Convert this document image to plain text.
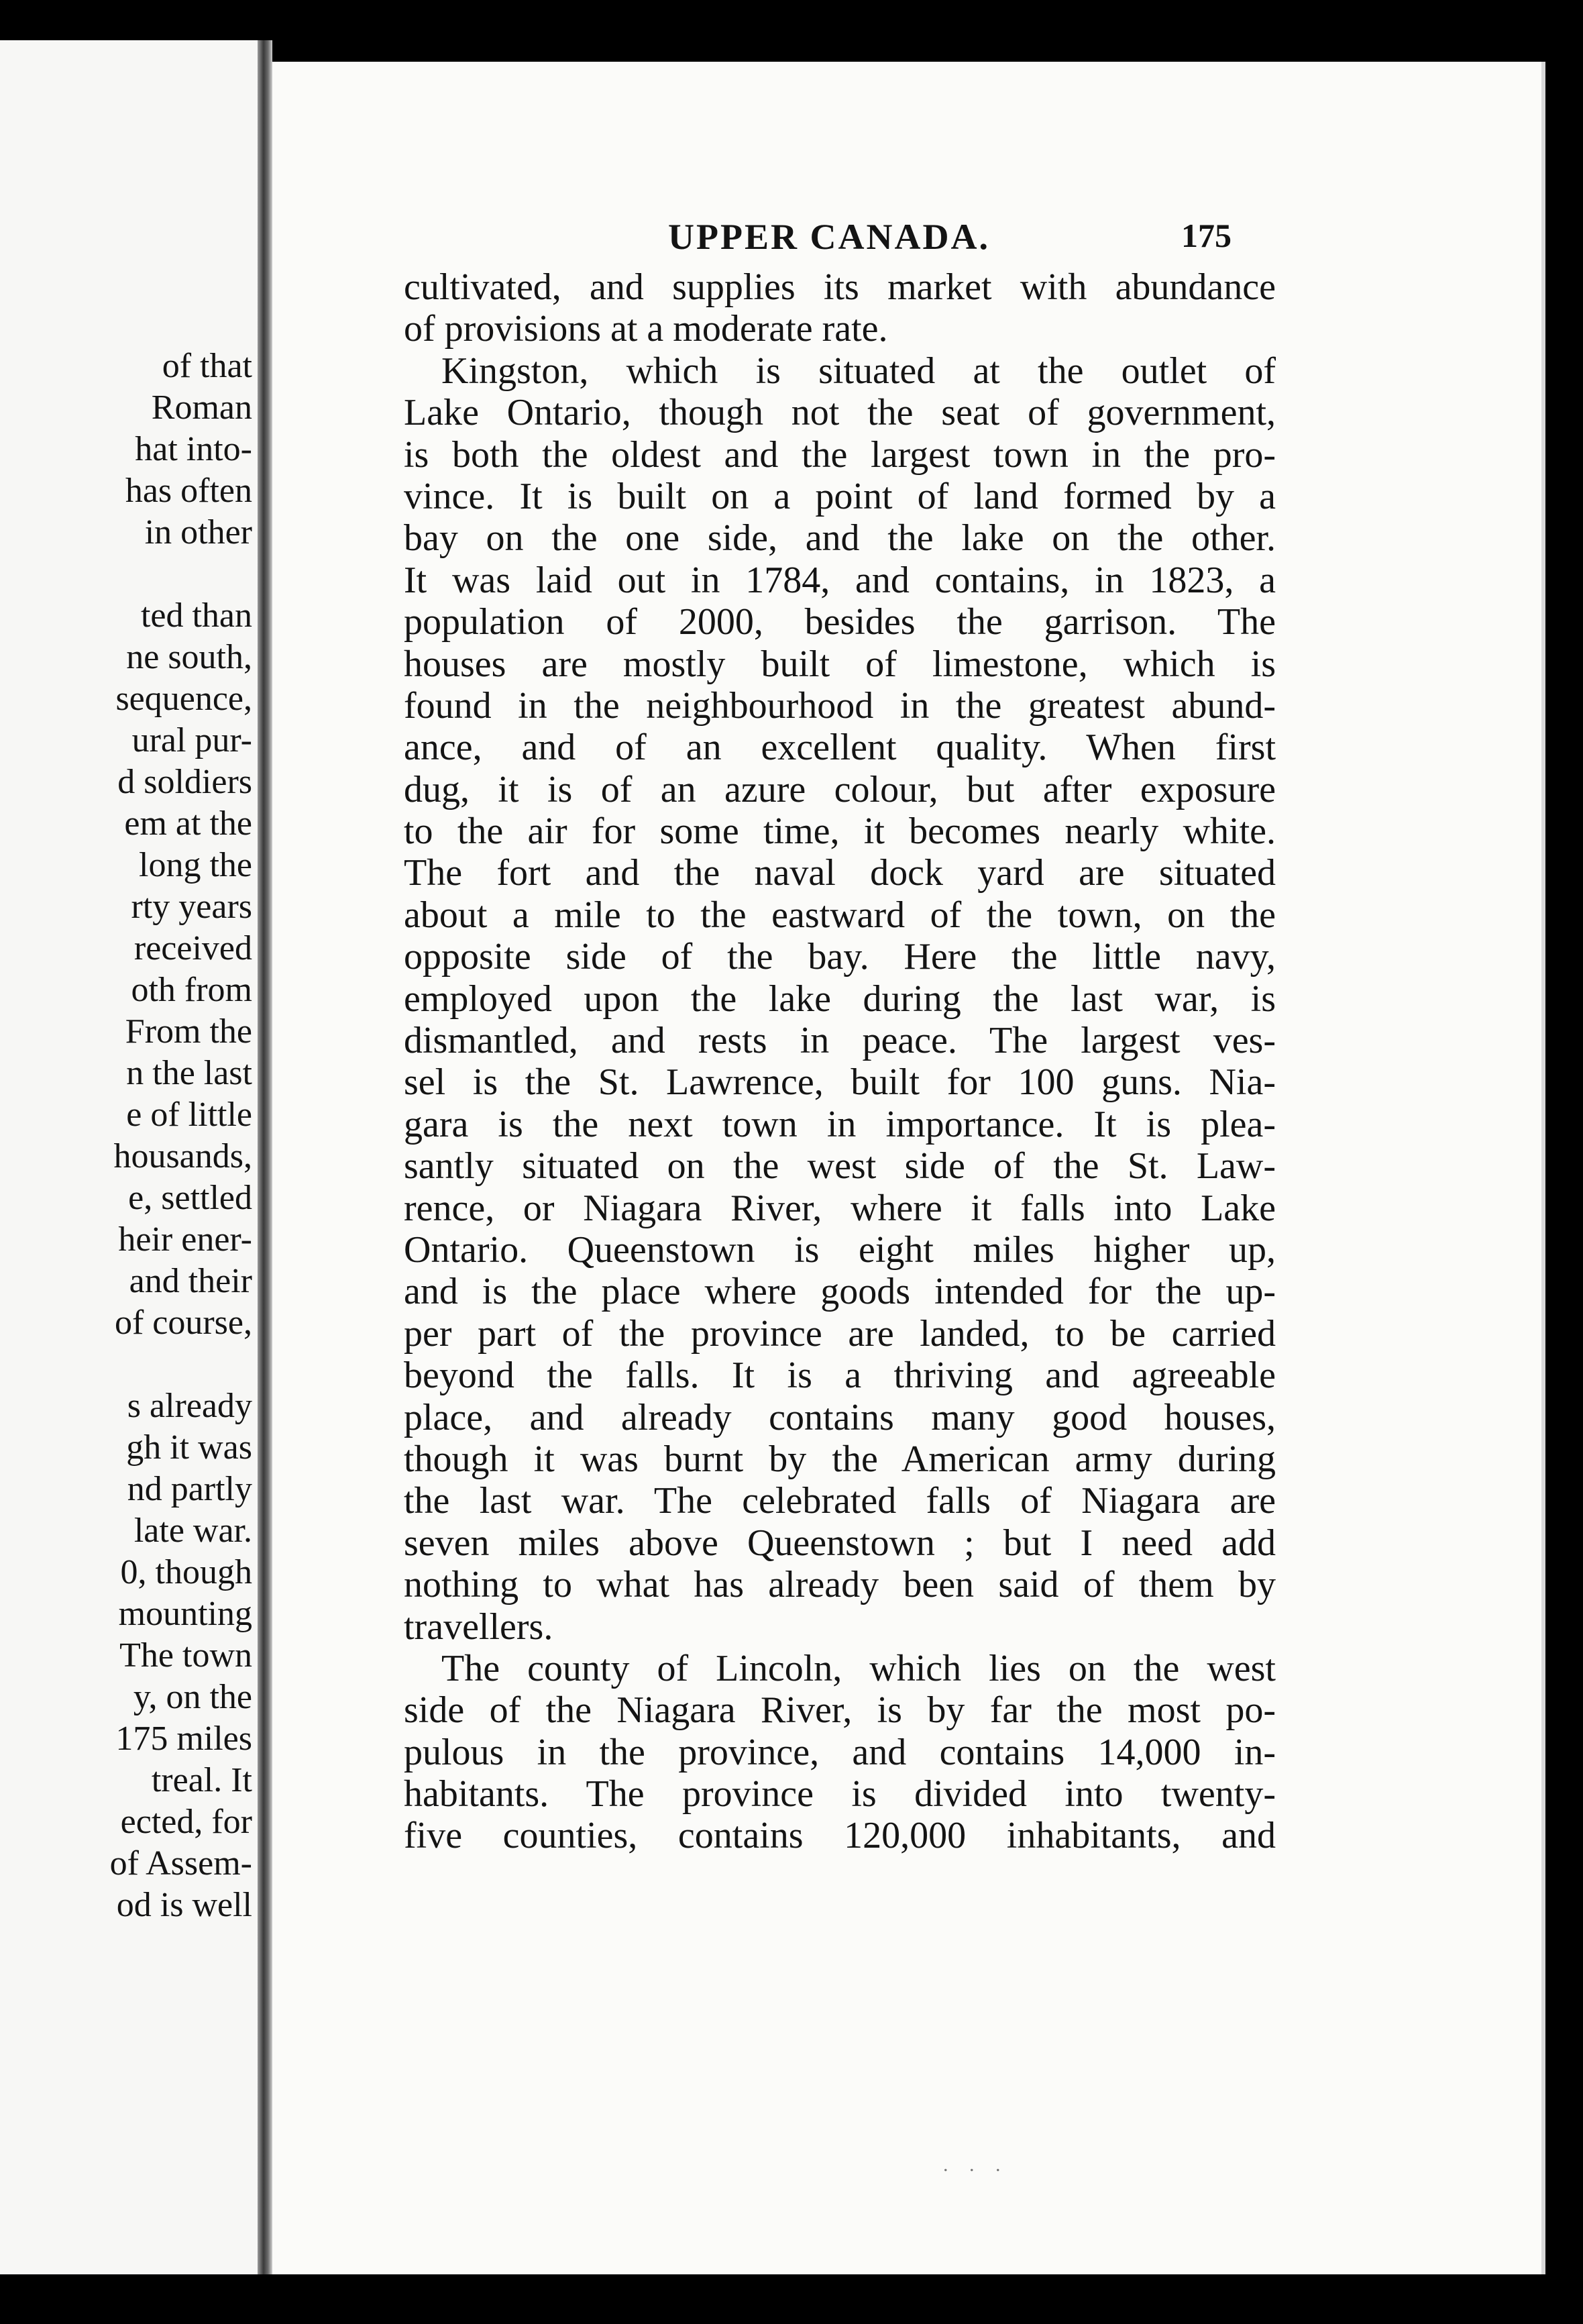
of that
Roman
hat into-
has often
in other
ted than
ne south,
sequence,
ural pur-
d soldiers
em at the
long the
rty years
received
oth from
From the
n the last
e of little
housands,
e, settled
heir ener-
and their
of course,
s already
gh it was
nd partly
late war.
0, though
mounting
The town
y, on the
175 miles
treal. It
ected, for
of Assem-
od is well
UPPER CANADA.	175
cultivated, and supplies its market with abundance
of provisions at a moderate rate.
Kingston, which is situated at the outlet of
Lake Ontario, though not the seat of government,
is both the oldest and the largest town in the pro-
vince. It is built on a point of land formed by a
bay on the one side, and the lake on the other.
It was laid out in 1784, and contains, in 1823, a
population of 2000, besides the garrison. The
houses are mostly built of limestone, which is
found in the neighbourhood in the greatest abund-
ance, and of an excellent quality. When first
dug, it is of an azure colour, but after exposure
to the air for some time, it becomes nearly white.
The fort and the naval dock yard are situated
about a mile to the eastward of the town, on the
opposite side of the bay. Here the little navy,
employed upon the lake during the last war, is
dismantled, and rests in peace. The largest ves-
sel is the St. Lawrence, built for 100 guns. Nia-
gara is the next town in importance. It is plea-
santly situated on the west side of the St. Law-
rence, or Niagara River, where it falls into Lake
Ontario. Queenstown is eight miles higher up,
and is the place where goods intended for the up-
per part of the province are landed, to be carried
beyond the falls. It is a thriving and agreeable
place, and already contains many good houses,
though it was burnt by the American army during
the last war. The celebrated falls of Niagara are
seven miles above Queenstown ; but I need add
nothing to what has already been said of them by
travellers.
The county of Lincoln, which lies on the west
side of the Niagara River, is by far the most po-
pulous in the province, and contains 14,000 in-
habitants. The province is divided into twenty-
five counties, contains 120,000 inhabitants, and
. . .
